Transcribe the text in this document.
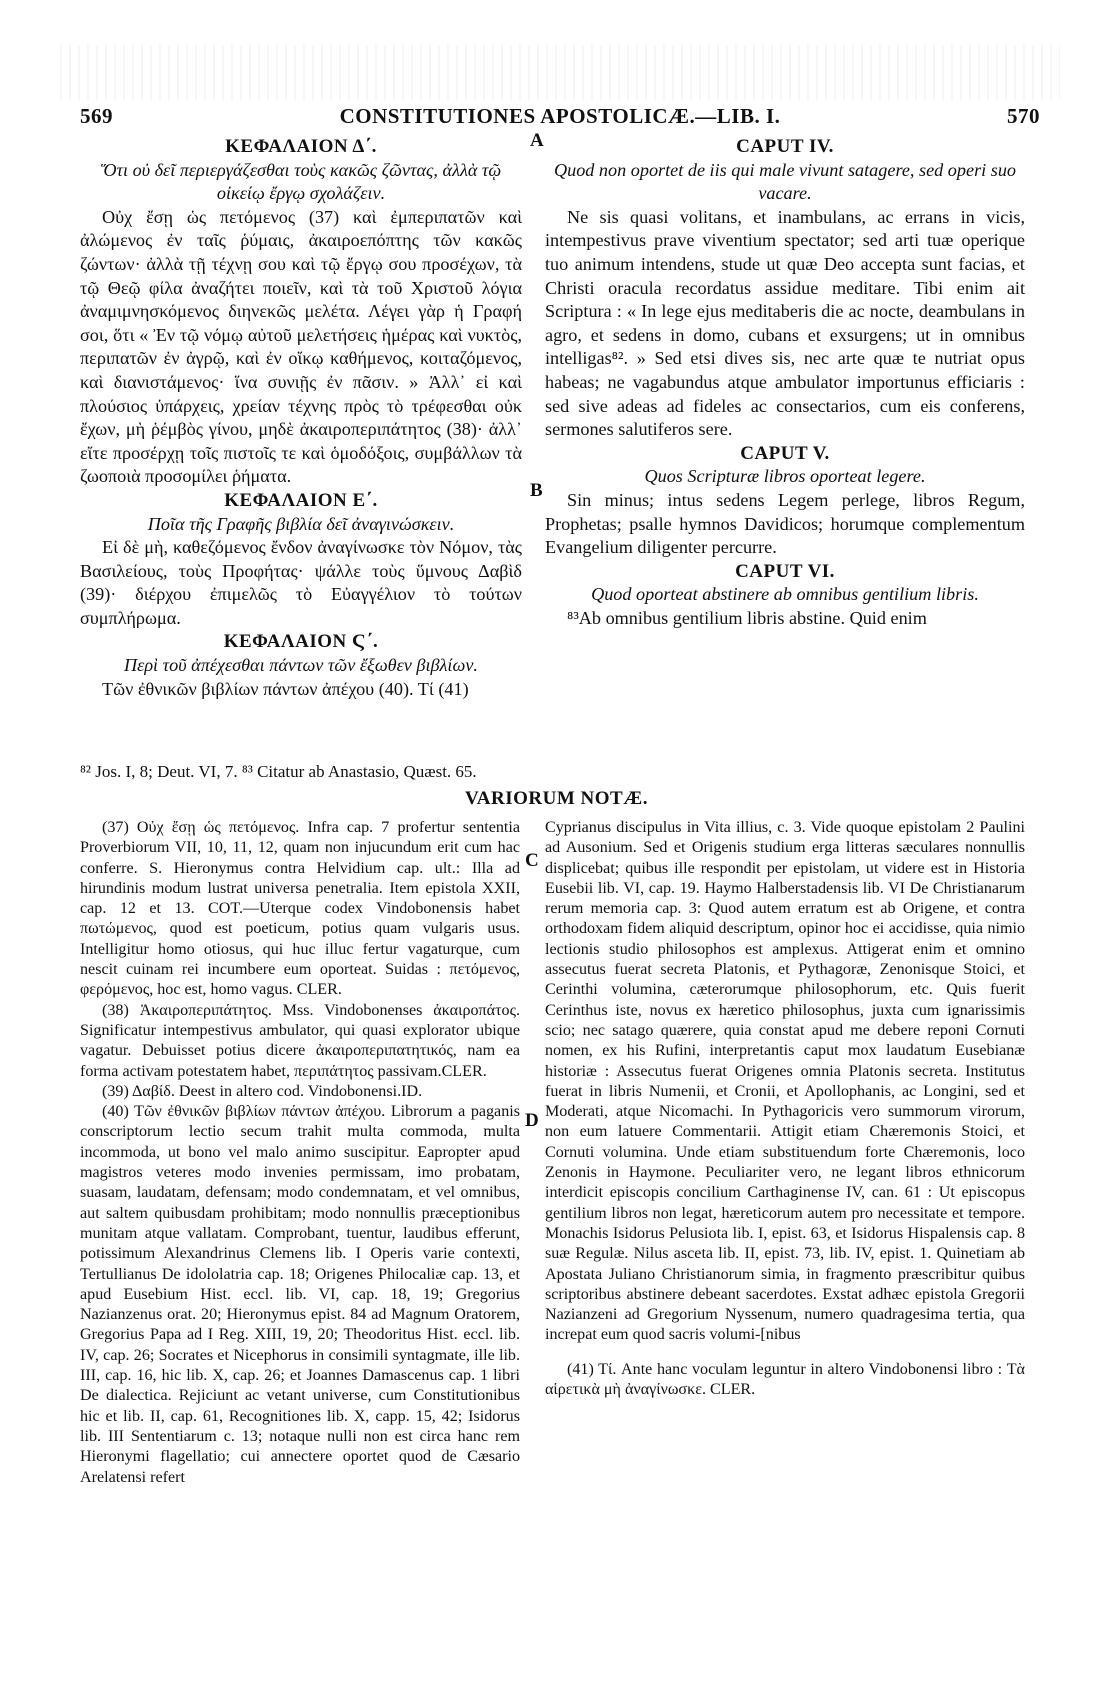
569	CONSTITUTIONES APOSTOLICÆ.—LIB. I.	570
A
B
C
D

ΚΕΦΑΛΑΙΟΝ Δ΄.

Ὅτι οὐ δεῖ περιεργάζεσθαι τοὺς κακῶς ζῶντας, ἀλλὰ τῷ οἰκείῳ ἔργῳ σχολάζειν.

Οὐχ ἔσῃ ὡς πετόμενος (37) καὶ ἐμπεριπατῶν καὶ ἀλώμενος ἐν ταῖς ῥύμαις, ἀκαιροεπόπτης τῶν κακῶς ζώντων· ἀλλὰ τῇ τέχνῃ σου καὶ τῷ ἔργῳ σου προσέχων, τὰ τῷ Θεῷ φίλα ἀναζήτει ποιεῖν, καὶ τὰ τοῦ Χριστοῦ λόγια ἀναμιμνησκόμενος διηνεκῶς μελέτα. Λέγει γὰρ ἡ Γραφή σοι, ὅτι « Ἐν τῷ νόμῳ αὐτοῦ μελετήσεις ἡμέρας καὶ νυκτὸς, περιπατῶν ἐν ἀγρῷ, καὶ ἐν οἴκῳ καθήμενος, κοιταζόμενος, καὶ διανιστάμενος· ἵνα συνιῇς ἐν πᾶσιν. » Ἀλλ᾽ εἰ καὶ πλούσιος ὑπάρχεις, χρείαν τέχνης πρὸς τὸ τρέφεσθαι οὐκ ἔχων, μὴ ῥέμβὸς γίνου, μηδὲ ἀκαιροπεριπάτητος (38)· ἀλλ᾽ εἴτε προσέρχῃ τοῖς πιστοῖς τε καὶ ὁμοδόξοις, συμβάλλων τὰ ζωοποιὰ προσομίλει ῥήματα.

ΚΕΦΑΛΑΙΟΝ Ε΄.

Ποῖα τῆς Γραφῆς βιβλία δεῖ ἀναγινώσκειν.

Εἰ δὲ μὴ, καθεζόμενος ἔνδον ἀναγίνωσκε τὸν Νόμον, τὰς Βασιλείους, τοὺς Προφήτας· ψάλλε τοὺς ὕμνους Δαβὶδ (39)· διέρχου ἐπιμελῶς τὸ Εὐαγγέλιον τὸ τούτων συμπλήρωμα.

ΚΕΦΑΛΑΙΟΝ Ϛ΄.

Περὶ τοῦ ἀπέχεσθαι πάντων τῶν ἔξωθεν βιβλίων.

Τῶν ἐθνικῶν βιβλίων πάντων ἀπέχου (40). Τί (41)

CAPUT IV.

Quod non oportet de iis qui male vivunt satagere, sed operi suo vacare.

Ne sis quasi volitans, et inambulans, ac errans in vicis, intempestivus prave viventium spectator; sed arti tuæ operique tuo animum intendens, stude ut quæ Deo accepta sunt facias, et Christi oracula recordatus assidue meditare. Tibi enim ait Scriptura : « In lege ejus meditaberis die ac nocte, deambulans in agro, et sedens in domo, cubans et exsurgens; ut in omnibus intelligas⁸². » Sed etsi dives sis, nec arte quæ te nutriat opus habeas; ne vagabundus atque ambulator importunus efficiaris : sed sive adeas ad fideles ac consectarios, cum eis conferens, sermones salutiferos sere.

CAPUT V.

Quos Scripturæ libros oporteat legere.

Sin minus; intus sedens Legem perlege, libros Regum, Prophetas; psalle hymnos Davidicos; horumque complementum Evangelium diligenter percurre.

CAPUT VI.

Quod oporteat abstinere ab omnibus gentilium libris.

⁸³Ab omnibus gentilium libris abstine. Quid enim

⁸² Jos. I, 8; Deut. VI, 7. ⁸³ Citatur ab Anastasio, Quæst. 65.
VARIORUM NOTÆ.

(37) Οὐχ ἔσῃ ὡς πετόμενος. Infra cap. 7 profertur sententia Proverbiorum VII, 10, 11, 12, quam non injucundum erit cum hac conferre. S. Hieronymus contra Helvidium cap. ult.: Illa ad hirundinis modum lustrat universa penetralia. Item epistola XXII, cap. 12 et 13. COT.—Uterque codex Vindobonensis habet πωτώμενος, quod est poeticum, potius quam vulgaris usus. Intelligitur homo otiosus, qui huc illuc fertur vagaturque, cum nescit cuinam rei incumbere eum oporteat. Suidas : πετόμενος, φερόμενος, hoc est, homo vagus. CLER.

(38) Ἀκαιροπεριπάτητος. Mss. Vindobonenses ἀκαιροπάτος. Significatur intempestivus ambulator, qui quasi explorator ubique vagatur. Debuisset potius dicere ἀκαιροπεριπατητικός, nam ea forma activam potestatem habet, περιπάτητος passivam.CLER.

(39) Δαβίδ. Deest in altero cod. Vindobonensi.ID.

(40) Τῶν ἐθνικῶν βιβλίων πάντων ἀπέχου. Librorum a paganis conscriptorum lectio secum trahit multa commoda, multa incommoda, ut bono vel malo animo suscipitur. Eapropter apud magistros veteres modo invenies permissam, imo probatam, suasam, laudatam, defensam; modo condemnatam, et vel omnibus, aut saltem quibusdam prohibitam; modo nonnullis præceptionibus munitam atque vallatam. Comprobant, tuentur, laudibus efferunt, potissimum Alexandrinus Clemens lib. I Operis varie contexti, Tertullianus De idololatria cap. 18; Origenes Philocaliæ cap. 13, et apud Eusebium Hist. eccl. lib. VI, cap. 18, 19; Gregorius Nazianzenus orat. 20; Hieronymus epist. 84 ad Magnum Oratorem, Gregorius Papa ad I Reg. XIII, 19, 20; Theodoritus Hist. eccl. lib. IV, cap. 26; Socrates et Nicephorus in consimili syntagmate, ille lib. III, cap. 16, hic lib. X, cap. 26; et Joannes Damascenus cap. 1 libri De dialectica. Rejiciunt ac vetant universe, cum Constitutionibus hic et lib. II, cap. 61, Recognitiones lib. X, capp. 15, 42; Isidorus lib. III Sententiarum c. 13; notaque nulli non est circa hanc rem Hieronymi flagellatio; cui annectere oportet quod de Cæsario Arelatensi refert

Cyprianus discipulus in Vita illius, c. 3. Vide quoque epistolam 2 Paulini ad Ausonium. Sed et Origenis studium erga litteras sæculares nonnullis displicebat; quibus ille respondit per epistolam, ut videre est in Historia Eusebii lib. VI, cap. 19. Haymo Halberstadensis lib. VI De Christianarum rerum memoria cap. 3: Quod autem erratum est ab Origene, et contra orthodoxam fidem aliquid descriptum, opinor hoc ei accidisse, quia nimio lectionis studio philosophos est amplexus. Attigerat enim et omnino assecutus fuerat secreta Platonis, et Pythagoræ, Zenonisque Stoici, et Cerinthi volumina, cæterorumque philosophorum, etc. Quis fuerit Cerinthus iste, novus ex hæretico philosophus, juxta cum ignarissimis scio; nec satago quærere, quia constat apud me debere reponi Cornuti nomen, ex his Rufini, interpretantis caput mox laudatum Eusebianæ historiæ : Assecutus fuerat Origenes omnia Platonis secreta. Institutus fuerat in libris Numenii, et Cronii, et Apollophanis, ac Longini, sed et Moderati, atque Nicomachi. In Pythagoricis vero summorum virorum, non eum latuere Commentarii. Attigit etiam Chæremonis Stoici, et Cornuti volumina. Unde etiam substituendum forte Chæremonis, loco Zenonis in Haymone. Peculiariter vero, ne legant libros ethnicorum interdicit episcopis concilium Carthaginense IV, can. 61 : Ut episcopus gentilium libros non legat, hæreticorum autem pro necessitate et tempore. Monachis Isidorus Pelusiota lib. I, epist. 63, et Isidorus Hispalensis cap. 8 suæ Regulæ. Nilus asceta lib. II, epist. 73, lib. IV, epist. 1. Quinetiam ab Apostata Juliano Christianorum simia, in fragmento præscribitur quibus scriptoribus abstinere debeant sacerdotes. Exstat adhæc epistola Gregorii Nazianzeni ad Gregorium Nyssenum, numero quadragesima tertia, qua increpat eum quod sacris volumi-[nibus

(41) Τί. Ante hanc voculam leguntur in altero Vindobonensi libro : Τὰ αἱρετικὰ μὴ ἀναγίνωσκε. CLER.
